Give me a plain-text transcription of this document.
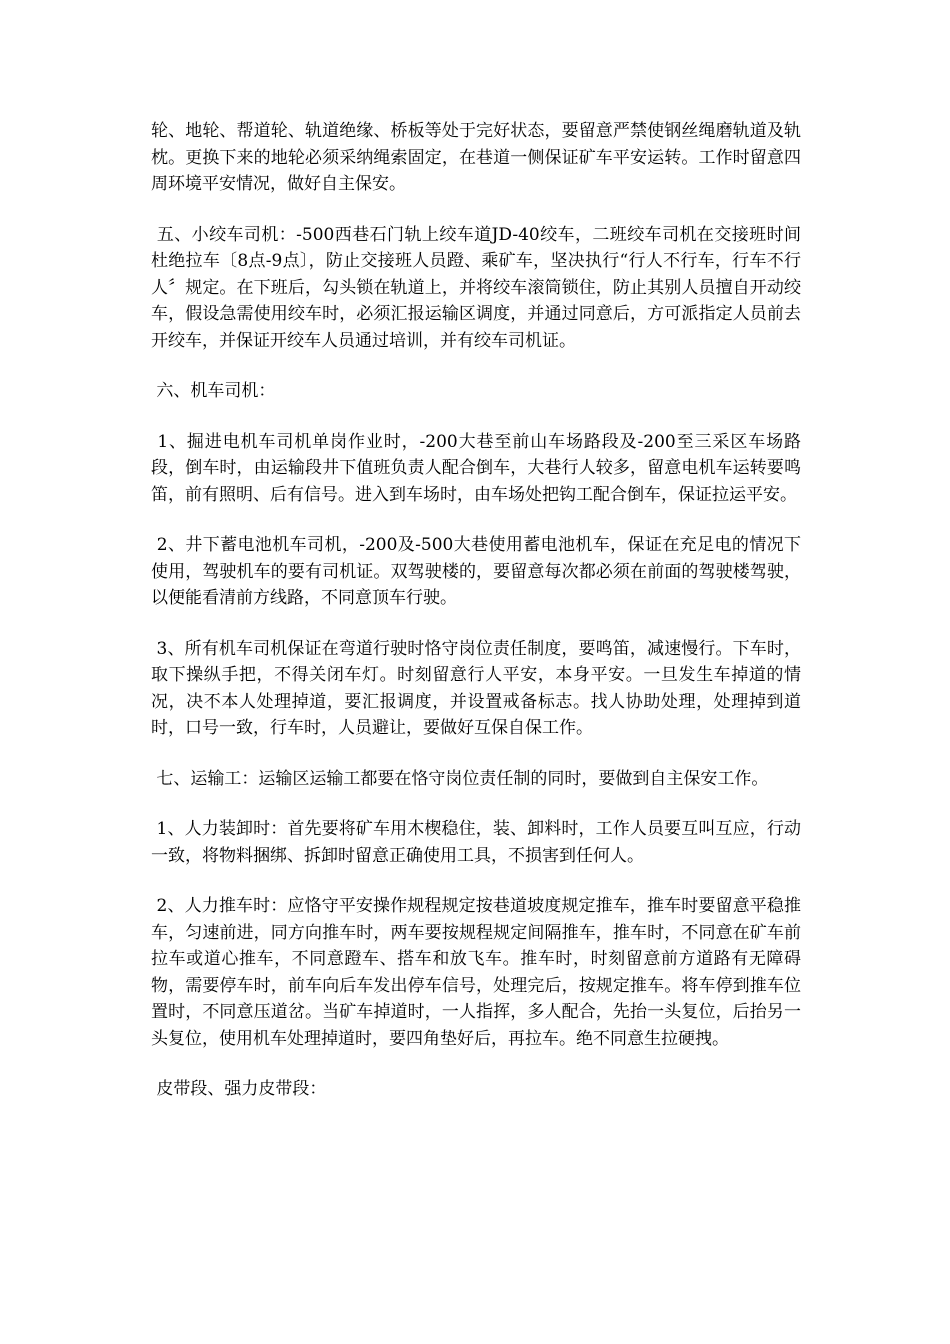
轮、地轮、帮道轮、轨道绝缘、桥板等处于完好状态，要留意严禁使钢丝绳磨轨道及轨枕。更换下来的地轮必须采纳绳索固定，在巷道一侧保证矿车平安运转。工作时留意四周环境平安情况，做好自主保安。

五、小绞车司机：-500西巷石门轨上绞车道JD-40绞车，二班绞车司机在交接班时间杜绝拉车〔8点-9点〕，防止交接班人员蹬、乘矿车，坚决执行“行人不行车，行车不行人〞规定。在下班后，勾头锁在轨道上，并将绞车滚筒锁住，防止其别人员擅自开动绞车，假设急需使用绞车时，必须汇报运输区调度，并通过同意后，方可派指定人员前去开绞车，并保证开绞车人员通过培训，并有绞车司机证。

六、机车司机：

1、掘进电机车司机单岗作业时，-200大巷至前山车场路段及-200至三采区车场路段，倒车时，由运输段井下值班负责人配合倒车，大巷行人较多，留意电机车运转要鸣笛，前有照明、后有信号。进入到车场时，由车场处把钩工配合倒车，保证拉运平安。

2、井下蓄电池机车司机，-200及-500大巷使用蓄电池机车，保证在充足电的情况下使用，驾驶机车的要有司机证。双驾驶楼的，要留意每次都必须在前面的驾驶楼驾驶，以便能看清前方线路，不同意顶车行驶。

3、所有机车司机保证在弯道行驶时恪守岗位责任制度，要鸣笛，减速慢行。下车时，取下操纵手把，不得关闭车灯。时刻留意行人平安，本身平安。一旦发生车掉道的情况，决不本人处理掉道，要汇报调度，并设置戒备标志。找人协助处理，处理掉到道时，口号一致，行车时，人员避让，要做好互保自保工作。

七、运输工：运输区运输工都要在恪守岗位责任制的同时，要做到自主保安工作。

1、人力装卸时：首先要将矿车用木楔稳住，装、卸料时，工作人员要互叫互应，行动一致，将物料捆绑、拆卸时留意正确使用工具，不损害到任何人。

2、人力推车时：应恪守平安操作规程规定按巷道坡度规定推车，推车时要留意平稳推车，匀速前进，同方向推车时，两车要按规程规定间隔推车，推车时，不同意在矿车前拉车或道心推车，不同意蹬车、搭车和放飞车。推车时，时刻留意前方道路有无障碍物，需要停车时，前车向后车发出停车信号，处理完后，按规定推车。将车停到推车位置时，不同意压道岔。当矿车掉道时，一人指挥，多人配合，先抬一头复位，后抬另一头复位，使用机车处理掉道时，要四角垫好后，再拉车。绝不同意生拉硬拽。

皮带段、强力皮带段：
